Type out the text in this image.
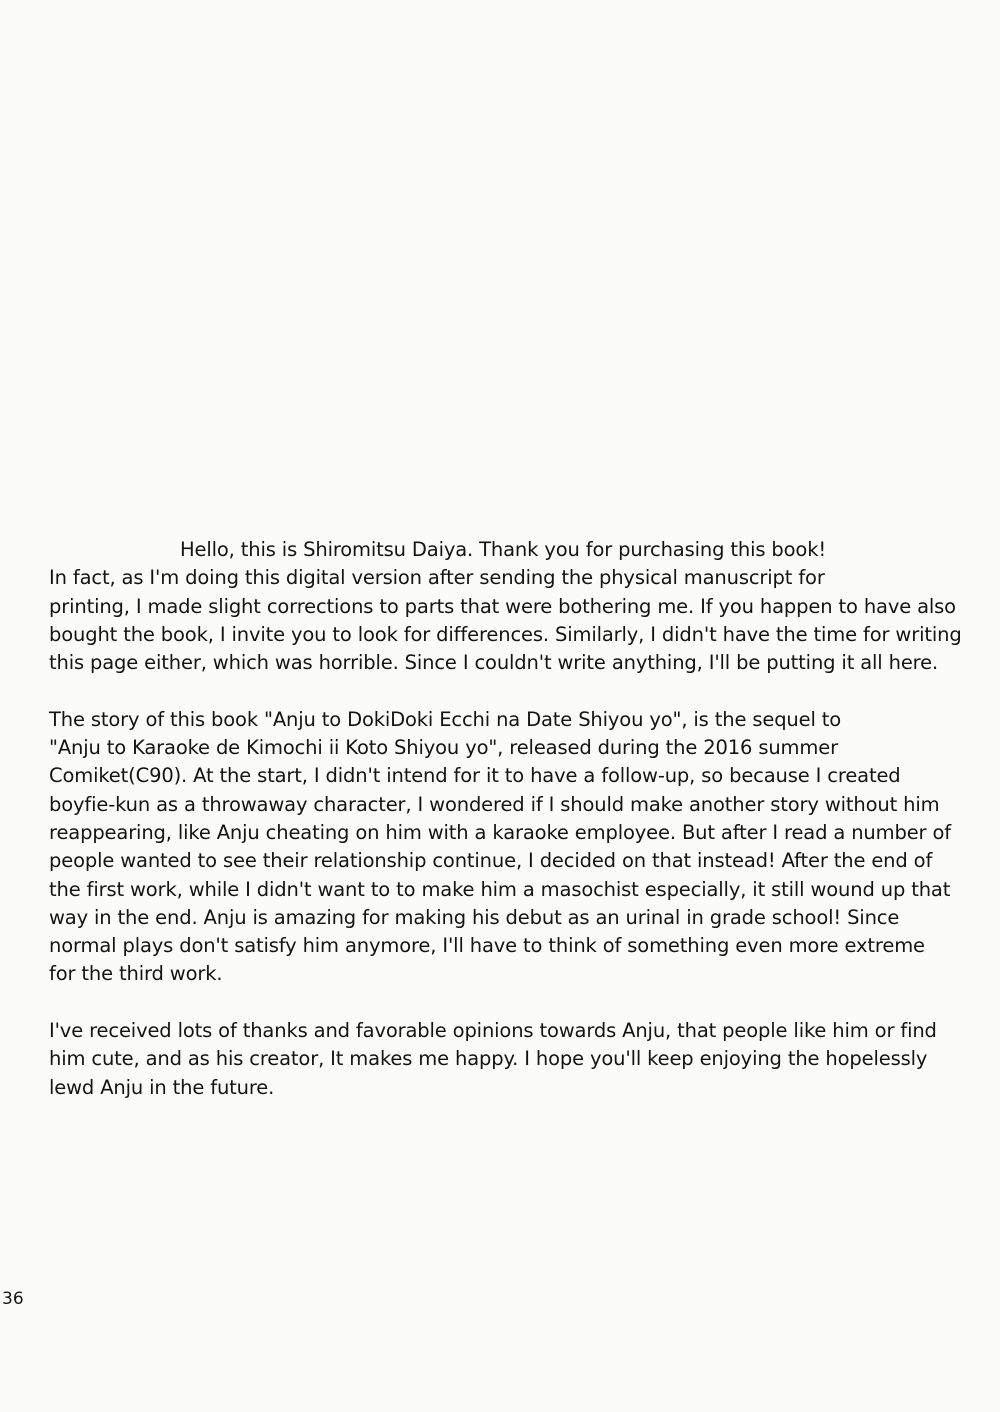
Hello, this is Shiromitsu Daiya. Thank you for purchasing this book!
In fact, as I'm doing this digital version after sending the physical manuscript for
printing, I made slight corrections to parts that were bothering me. If you happen to have also
bought the book, I invite you to look for differences. Similarly, I didn't have the time for writing
this page either, which was horrible. Since I couldn't write anything, I'll be putting it all here.
The story of this book "Anju to DokiDoki Ecchi na Date Shiyou yo", is the sequel to
"Anju to Karaoke de Kimochi ii Koto Shiyou yo", released during the 2016 summer
Comiket(C90). At the start, I didn't intend for it to have a follow-up, so because I created
boyfie-kun as a throwaway character, I wondered if I should make another story without him
reappearing, like Anju cheating on him with a karaoke employee. But after I read a number of
people wanted to see their relationship continue, I decided on that instead! After the end of
the first work, while I didn't want to to make him a masochist especially, it still wound up that
way in the end. Anju is amazing for making his debut as an urinal in grade school! Since
normal plays don't satisfy him anymore, I'll have to think of something even more extreme
for the third work.
I've received lots of thanks and favorable opinions towards Anju, that people like him or find
him cute, and as his creator, It makes me happy. I hope you'll keep enjoying the hopelessly
lewd Anju in the future.
36
